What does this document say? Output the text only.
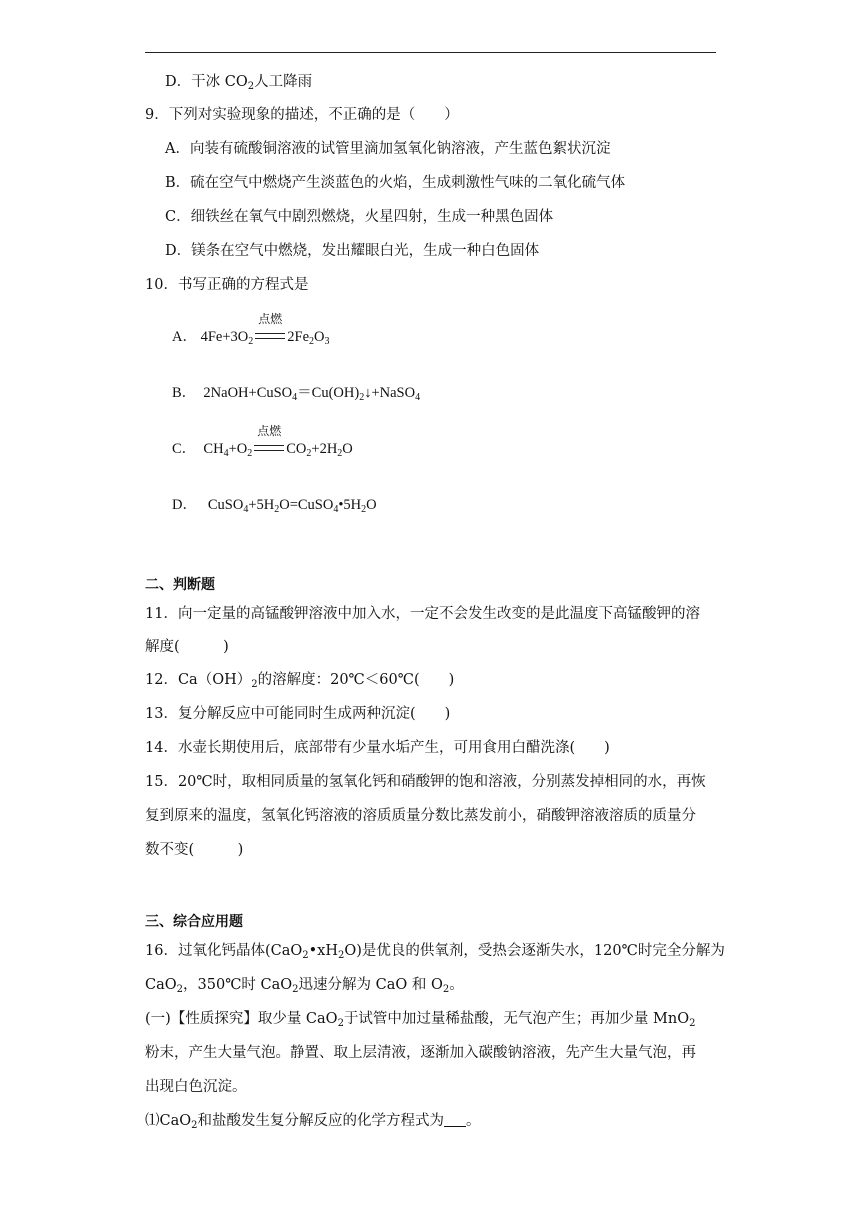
D．干冰 $CO_2$人工降雨
9．下列对实验现象的描述，不正确的是（　　）
A．向装有硫酸铜溶液的试管里滴加氢氧化钠溶液，产生蓝色絮状沉淀
B．硫在空气中燃烧产生淡蓝色的火焰，生成刺激性气味的二氧化硫气体
C．细铁丝在氧气中剧烈燃烧，火星四射，生成一种黑色固体
D．镁条在空气中燃烧，发出耀眼白光，生成一种白色固体
10．书写正确的方程式是
A． $4Fe+3O_2$
点燃
$2Fe_2O_3$
B．  $2NaOH+CuSO_4=Cu(OH)_2↓+NaSO_4$
C．  $CH_4+O_2$
点燃
$CO_2+2H_2O$
D．   $CuSO_4+5H_2O=CuSO_4•5H_2O$
二、判断题
11．向一定量的高锰酸钾溶液中加入水，一定不会发生改变的是此温度下高锰酸钾的溶
解度(　　　)
12．$Ca(OH)_2$的溶解度：20℃＜60℃(　　)
13．复分解反应中可能同时生成两种沉淀(　　)
14．水壶长期使用后，底部带有少量水垢产生，可用食用白醋洗涤(　　)
15．20℃时，取相同质量的氢氧化钙和硝酸钾的饱和溶液，分别蒸发掉相同的水，再恢
复到原来的温度，氢氧化钙溶液的溶质质量分数比蒸发前小，硝酸钾溶液溶质的质量分
数不变(　　　)
三、综合应用题
16．过氧化钙晶体$(CaO_2•xH_2O)$是优良的供氧剂，受热会逐渐失水，120℃时完全分解为
CaO$_2$，350℃时 CaO$_2$迅速分解为 CaO 和 $O_2$。
(一)【性质探究】取少量 CaO$_2$于试管中加过量稀盐酸，无气泡产生；再加少量 MnO$_2$
粉末，产生大量气泡。静置、取上层清液，逐渐加入碳酸钠溶液，先产生大量气泡，再
出现白色沉淀。
⑴CaO$_2$和盐酸发生复分解反应的化学方程式为 。
